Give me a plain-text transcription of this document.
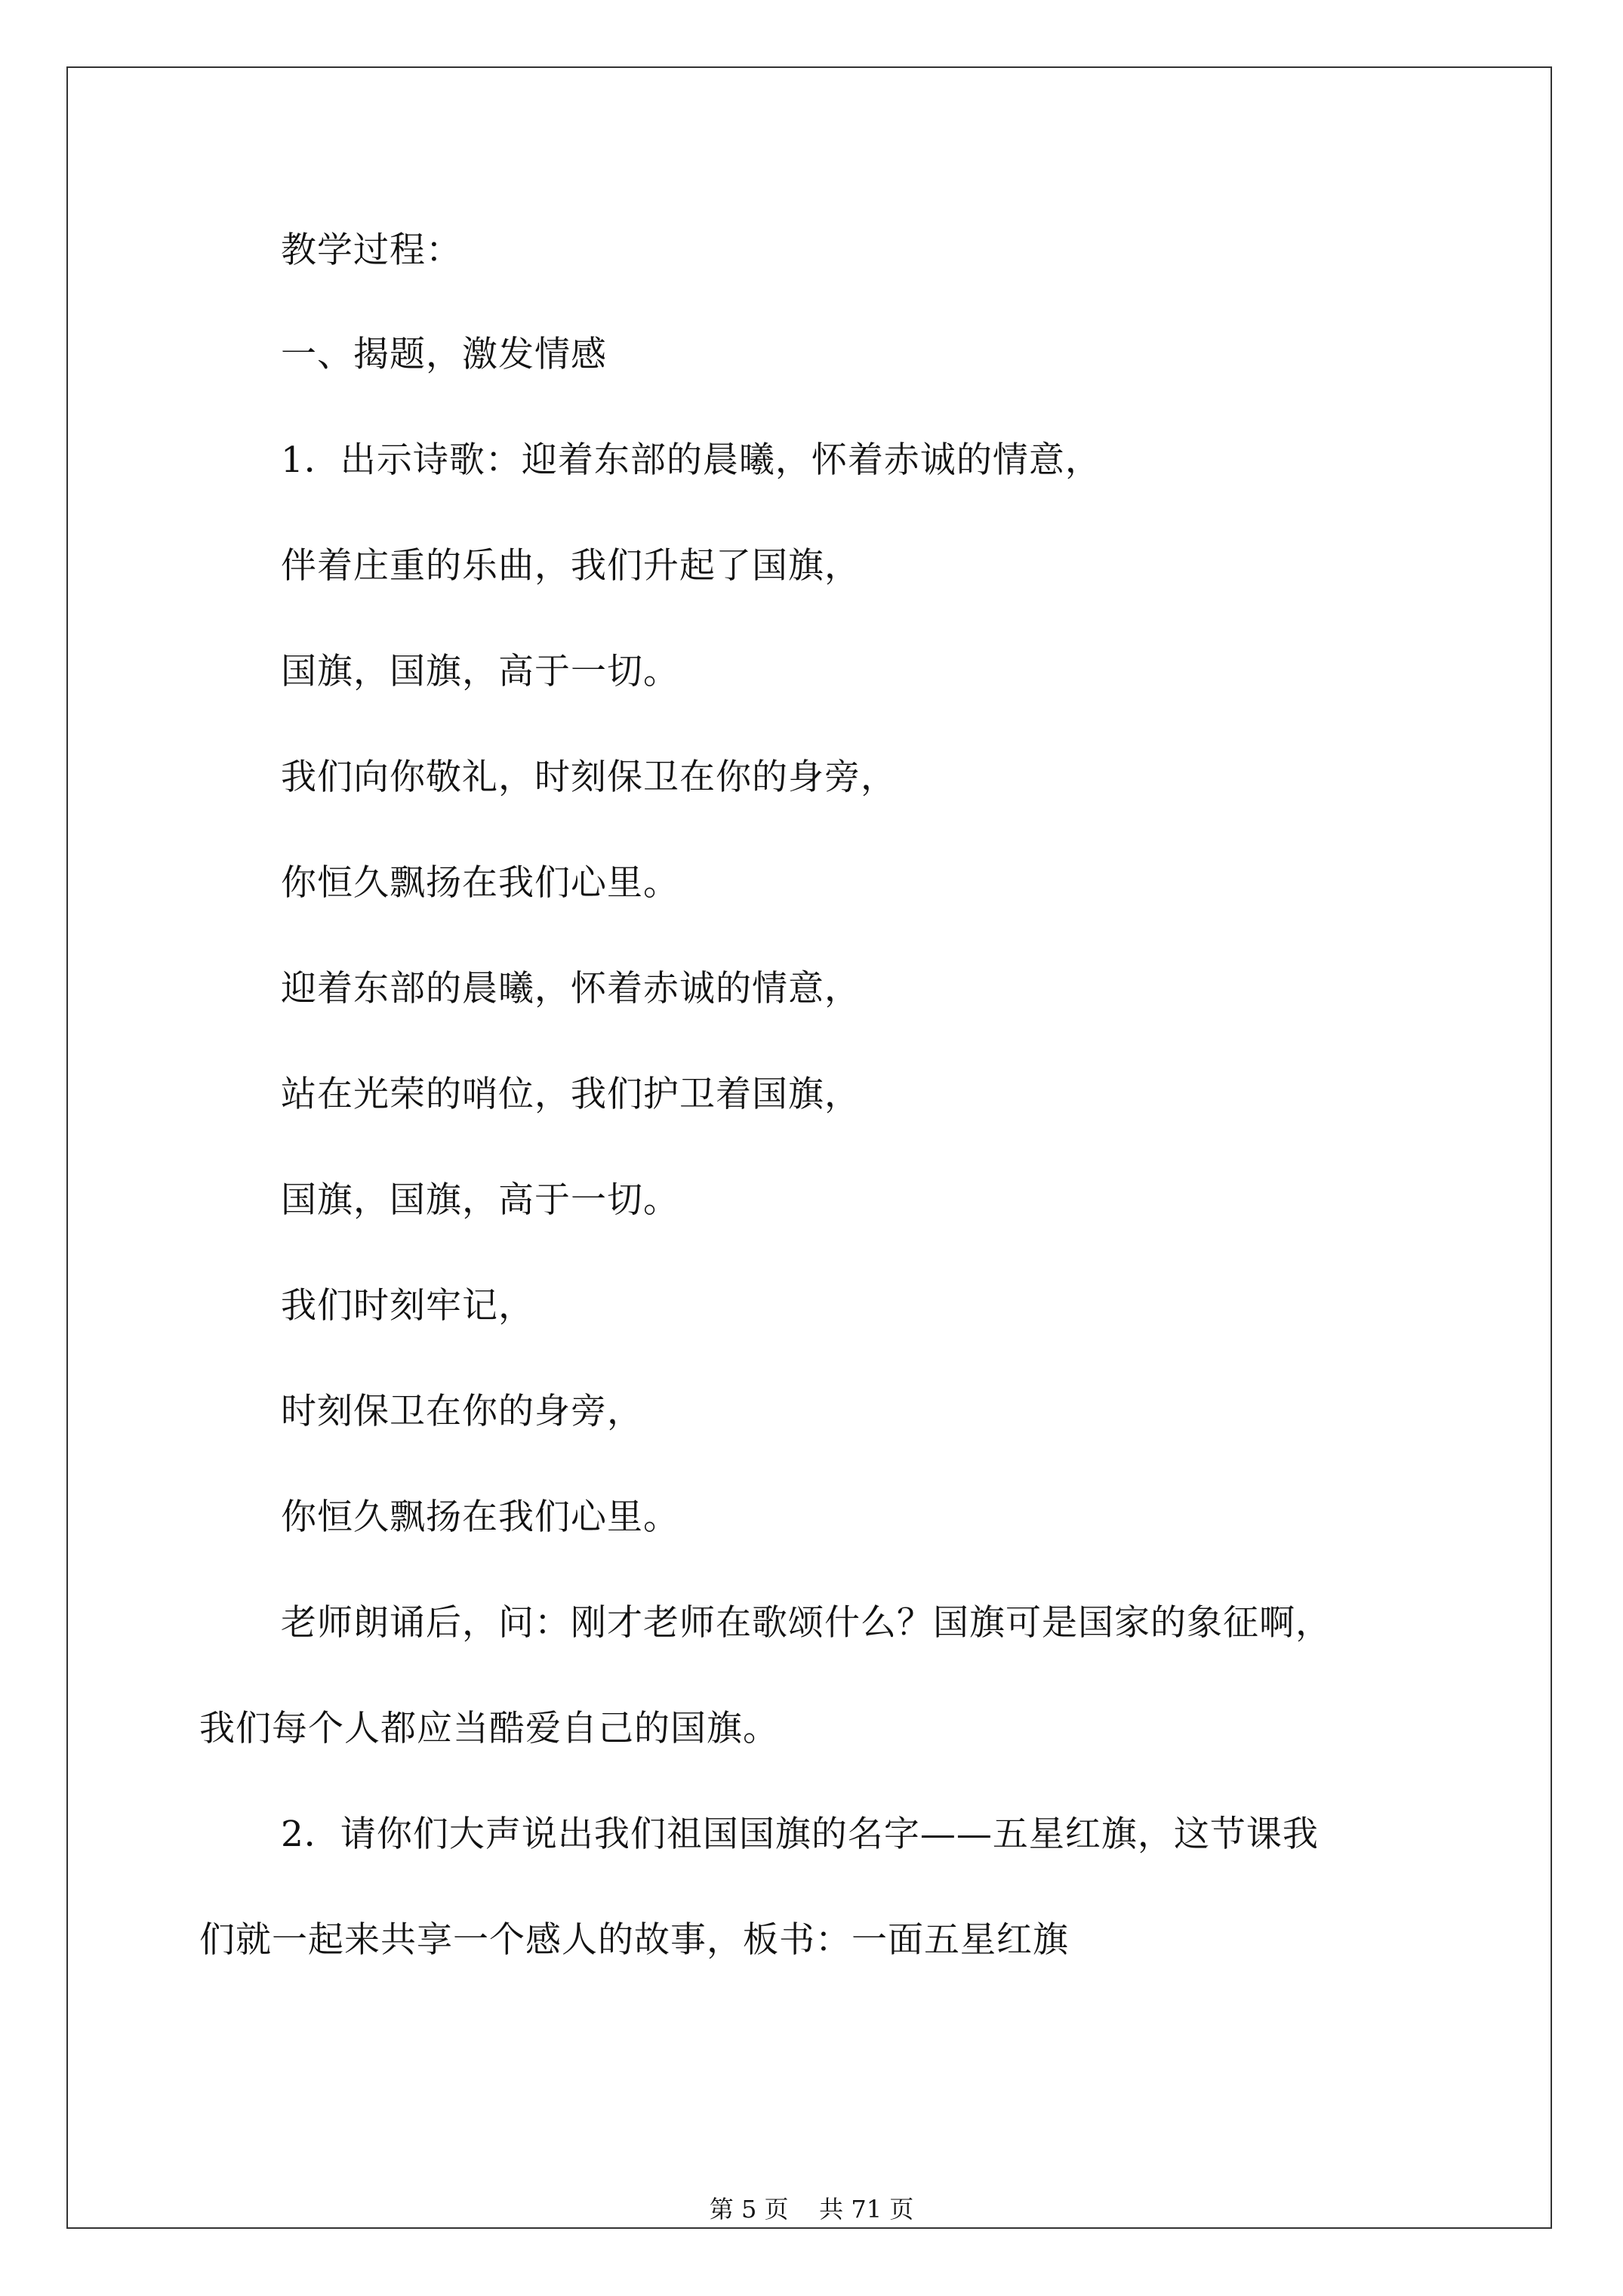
教学过程：
一、揭题，激发情感
1．出示诗歌：迎着东部的晨曦，怀着赤诚的情意，
伴着庄重的乐曲，我们升起了国旗，
国旗，国旗，高于一切。
我们向你敬礼，时刻保卫在你的身旁，
你恒久飘扬在我们心里。
迎着东部的晨曦，怀着赤诚的情意，
站在光荣的哨位，我们护卫着国旗，
国旗，国旗，高于一切。
我们时刻牢记，
时刻保卫在你的身旁，
你恒久飘扬在我们心里。
老师朗诵后，问：刚才老师在歌颂什么？国旗可是国家的象征啊，
我们每个人都应当酷爱自己的国旗。
2．请你们大声说出我们祖国国旗的名字——五星红旗，这节课我
们就一起来共享一个感人的故事，板书：一面五星红旗
第 5 页    共 71 页
